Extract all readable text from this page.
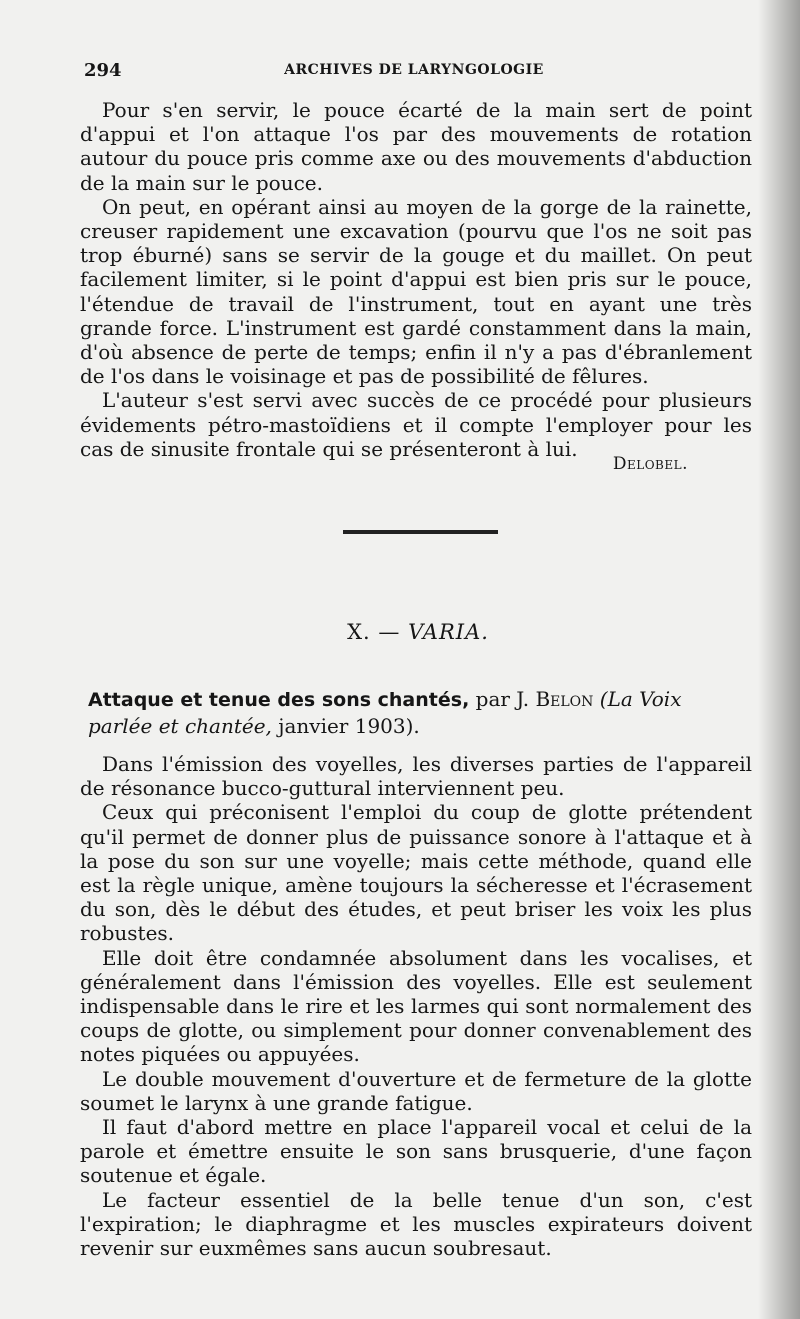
294	ARCHIVES DE LARYNGOLOGIE

Pour s'en servir, le pouce écarté de la main sert de point d'appui et l'on attaque l'os par des mouvements de rotation autour du pouce pris comme axe ou des mouvements d'abduction de la main sur le pouce.

On peut, en opérant ainsi au moyen de la gorge de la rainette, creuser rapidement une excavation (pourvu que l'os ne soit pas trop éburné) sans se servir de la gouge et du maillet. On peut facilement limiter, si le point d'appui est bien pris sur le pouce, l'étendue de travail de l'instrument, tout en ayant une très grande force. L'instrument est gardé constamment dans la main, d'où absence de perte de temps; enfin il n'y a pas d'ébranlement de l'os dans le voisinage et pas de possibilité de fêlures.

L'auteur s'est servi avec succès de ce procédé pour plusieurs évidements pétro-mastoïdiens et il compte l'employer pour les cas de sinusite frontale qui se présenteront à lui.

Delobel.
X. — VARIA.
Attaque et tenue des sons chantés, par J. Belon (La Voix parlée et chantée, janvier 1903).

Dans l'émission des voyelles, les diverses parties de l'appareil de résonance bucco-guttural interviennent peu.

Ceux qui préconisent l'emploi du coup de glotte prétendent qu'il permet de donner plus de puissance sonore à l'attaque et à la pose du son sur une voyelle; mais cette méthode, quand elle est la règle unique, amène toujours la sécheresse et l'écrasement du son, dès le début des études, et peut briser les voix les plus robustes.

Elle doit être condamnée absolument dans les vocalises, et généralement dans l'émission des voyelles. Elle est seulement indispensable dans le rire et les larmes qui sont normalement des coups de glotte, ou simplement pour donner convenablement des notes piquées ou appuyées.

Le double mouvement d'ouverture et de fermeture de la glotte soumet le larynx à une grande fatigue.

Il faut d'abord mettre en place l'appareil vocal et celui de la parole et émettre ensuite le son sans brusquerie, d'une façon soutenue et égale.

Le facteur essentiel de la belle tenue d'un son, c'est l'expiration; le diaphragme et les muscles expirateurs doivent revenir sur euxmêmes sans aucun soubresaut.
